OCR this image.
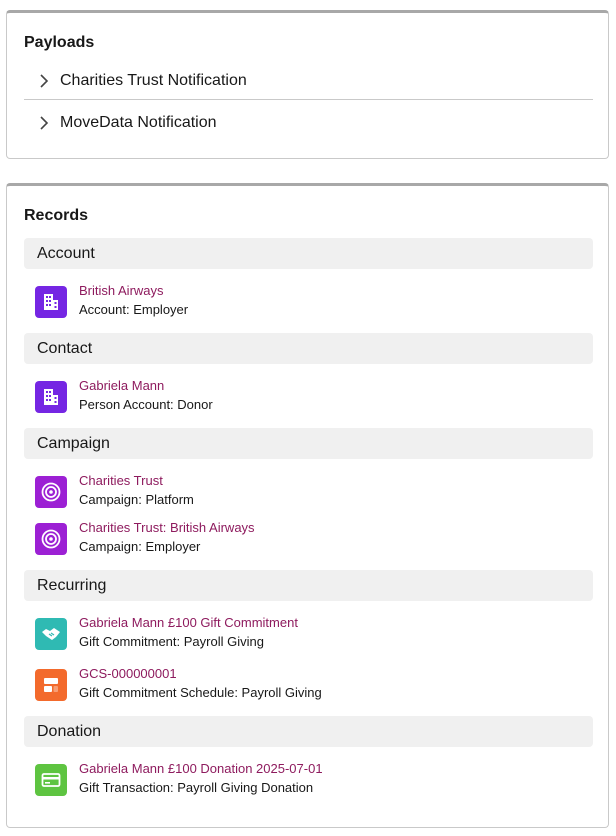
Payloads
Charities Trust Notification
MoveData Notification
Records
Account
British Airways
Account: Employer
Contact
Gabriela Mann
Person Account: Donor
Campaign
Charities Trust
Campaign: Platform
Charities Trust: British Airways
Campaign: Employer
Recurring
Gabriela Mann £100 Gift Commitment
Gift Commitment: Payroll Giving
GCS-000000001
Gift Commitment Schedule: Payroll Giving
Donation
Gabriela Mann £100 Donation 2025-07-01
Gift Transaction: Payroll Giving Donation
